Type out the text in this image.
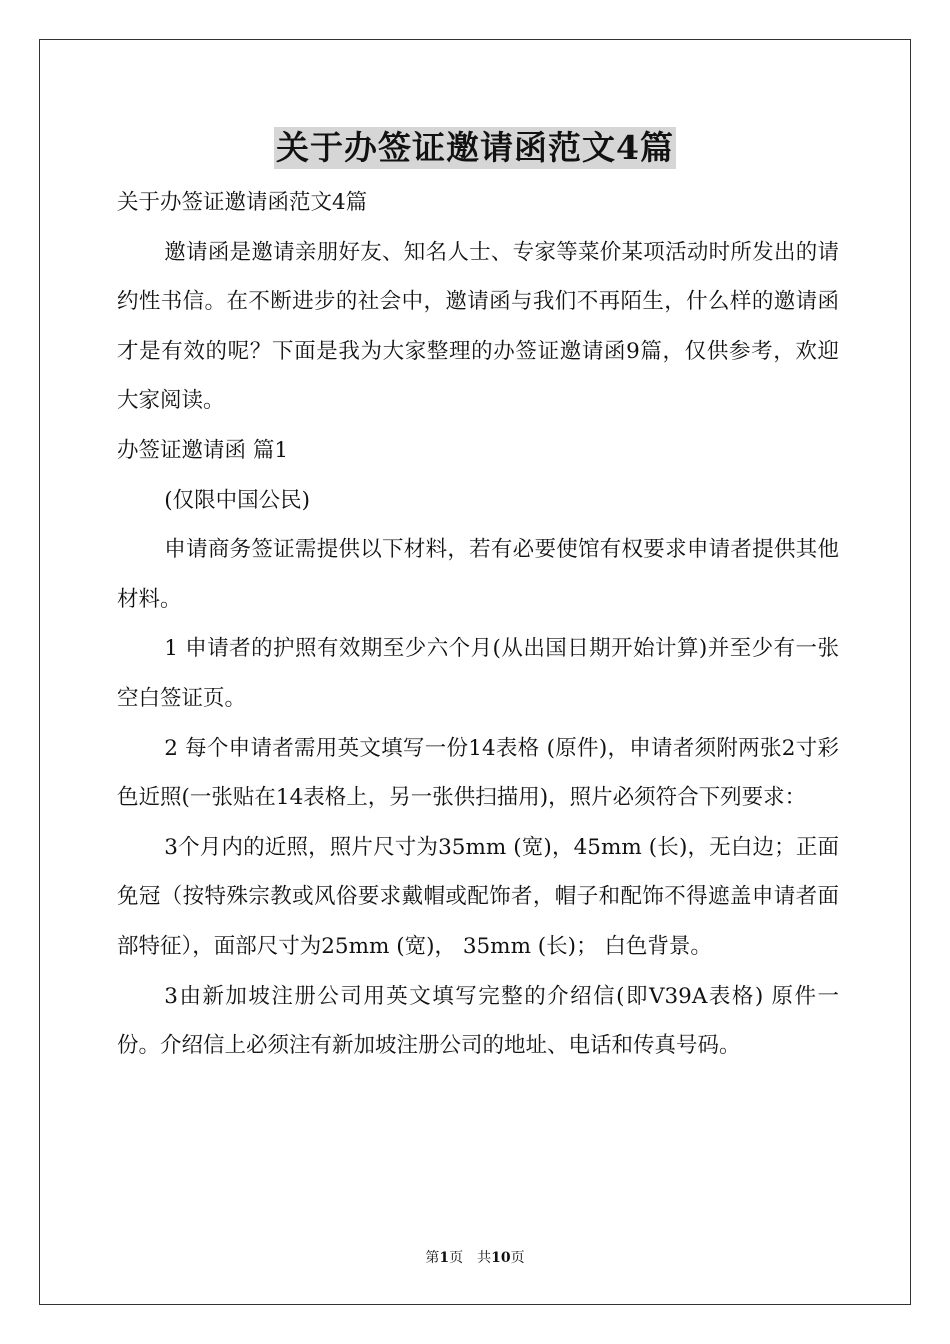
关于办签证邀请函范文4篇

关于办签证邀请函范文4篇

邀请函是邀请亲朋好友、知名人士、专家等菜价某项活动时所发出的请约性书信。在不断进步的社会中，邀请函与我们不再陌生，什么样的邀请函才是有效的呢？下面是我为大家整理的办签证邀请函9篇，仅供参考，欢迎大家阅读。

办签证邀请函 篇1

(仅限中国公民)

申请商务签证需提供以下材料，若有必要使馆有权要求申请者提供其他材料。

1 申请者的护照有效期至少六个月(从出国日期开始计算)并至少有一张空白签证页。

2 每个申请者需用英文填写一份14表格 (原件)，申请者须附两张2寸彩色近照(一张贴在14表格上，另一张供扫描用)，照片必须符合下列要求：

3个月内的近照，照片尺寸为35mm (宽)，45mm (长)，无白边；正面免冠（按特殊宗教或风俗要求戴帽或配饰者，帽子和配饰不得遮盖申请者面部特征），面部尺寸为25mm (宽)， 35mm (长)； 白色背景。

3由新加坡注册公司用英文填写完整的介绍信(即V39A表格) 原件一份。介绍信上必须注有新加坡注册公司的地址、电话和传真号码。

第1页　共10页
